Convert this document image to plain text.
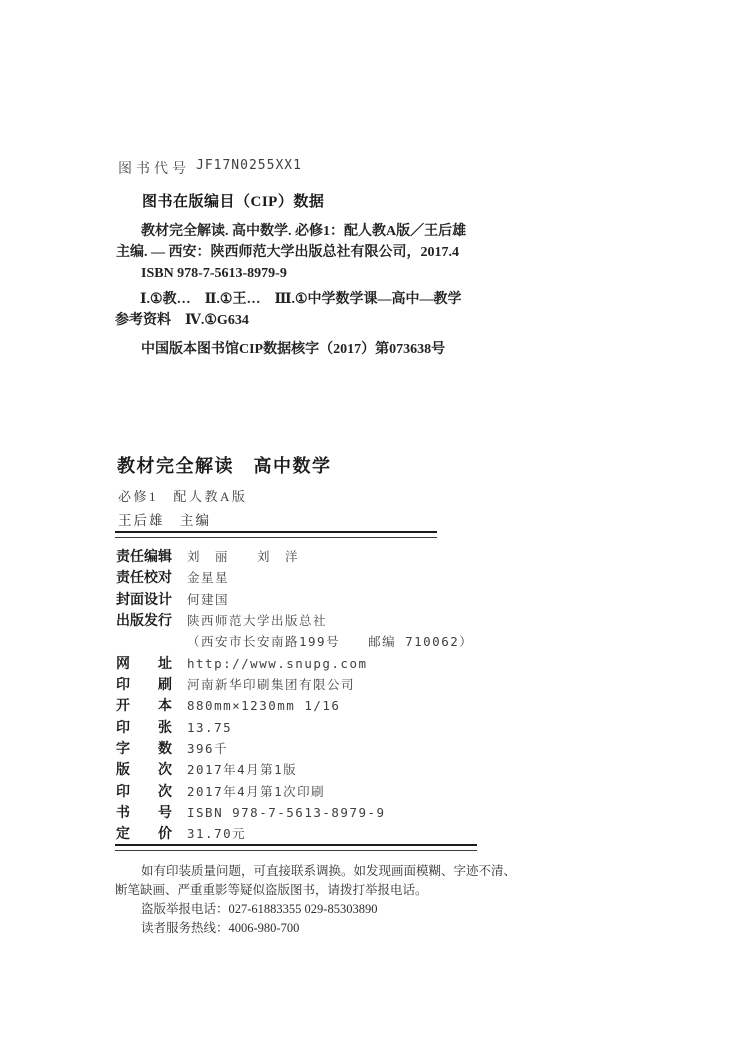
图书代号 JF17N0255XX1
图书在版编目（CIP）数据
教材完全解读. 高中数学. 必修1：配人教A版／王后雄
主编. — 西安：陕西师范大学出版总社有限公司，2017.4
ISBN 978-7-5613-8979-9
Ⅰ.①教…　Ⅱ.①王…　Ⅲ.①中学数学课—高中—教学
参考资料　Ⅳ.①G634
中国版本图书馆CIP数据核字（2017）第073638号
教材完全解读　高中数学
必修1　配人教A版
王后雄　主编
责任编辑	刘　丽　　刘　洋
责任校对	金星星
封面设计	何建国
出版发行	陕西师范大学出版总社
（西安市长安南路199号　　邮编 710062）
网　　址	http://www.snupg.com
印　　刷	河南新华印刷集团有限公司
开　　本	880mm×1230mm 1/16
印　　张	13.75
字　　数	396千
版　　次	2017年4月第1版
印　　次	2017年4月第1次印刷
书　　号	ISBN 978-7-5613-8979-9
定　　价	31.70元
如有印装质量问题，可直接联系调换。如发现画面模糊、字迹不清、
断笔缺画、严重重影等疑似盗版图书，请拨打举报电话。
盗版举报电话：027-61883355 029-85303890
读者服务热线：4006-980-700
